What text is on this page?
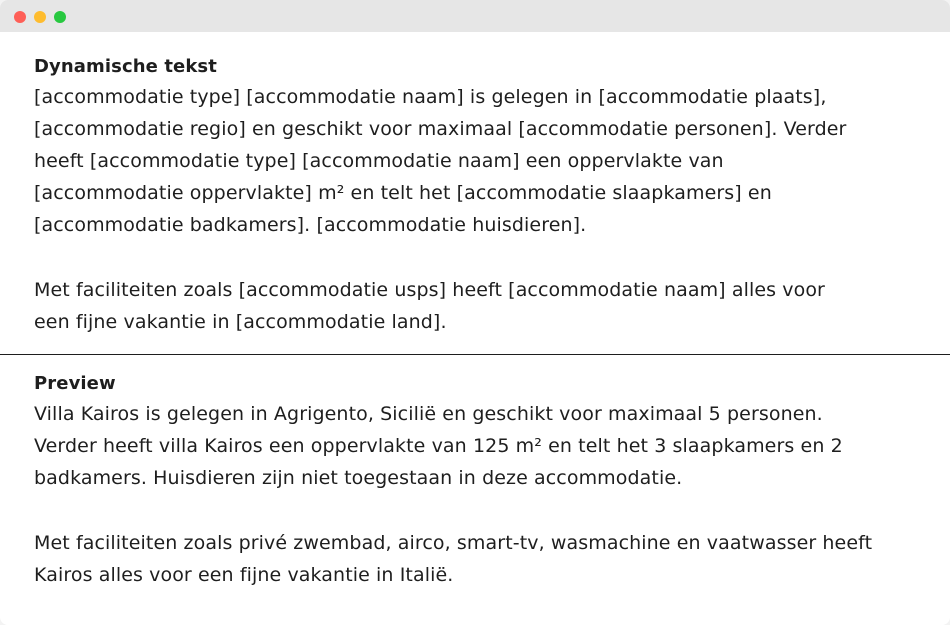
Dynamische tekst

[accommodatie type] [accommodatie naam] is gelegen in [accommodatie plaats],
[accommodatie regio] en geschikt voor maximaal [accommodatie personen]. Verder
heeft [accommodatie type] [accommodatie naam] een oppervlakte van
[accommodatie oppervlakte] m² en telt het [accommodatie slaapkamers] en
[accommodatie badkamers]. [accommodatie huisdieren].

Met faciliteiten zoals [accommodatie usps] heeft [accommodatie naam] alles voor
een fijne vakantie in [accommodatie land].

Preview

Villa Kairos is gelegen in Agrigento, Sicilië en geschikt voor maximaal 5 personen.
Verder heeft villa Kairos een oppervlakte van 125 m² en telt het 3 slaapkamers en 2
badkamers. Huisdieren zijn niet toegestaan in deze accommodatie.

Met faciliteiten zoals privé zwembad, airco, smart-tv, wasmachine en vaatwasser heeft
Kairos alles voor een fijne vakantie in Italië.
